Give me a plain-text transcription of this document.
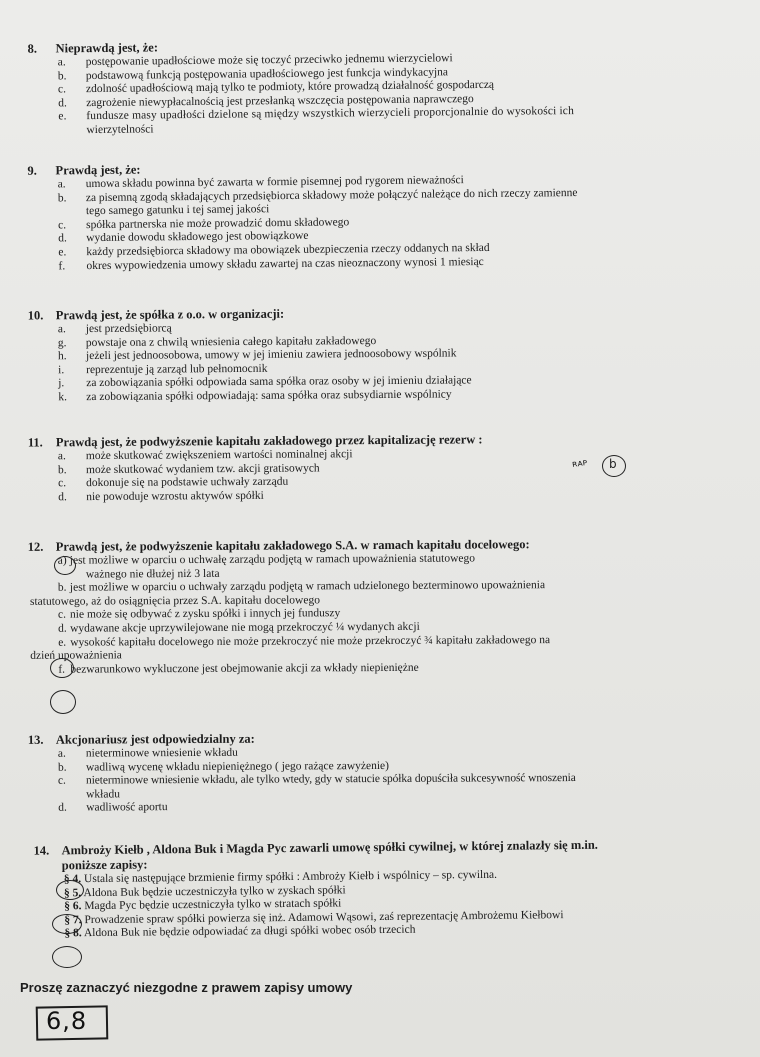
8. Nieprawdą jest, że:
a. postępowanie upadłościowe może się toczyć przeciwko jednemu wierzycielowi
b. podstawową funkcją postępowania upadłościowego jest funkcja windykacyjna
c. zdolność upadłościową mają tylko te podmioty, które prowadzą działalność gospodarczą
d. zagrożenie niewypłacalnością jest przesłanką wszczęcia postępowania naprawczego
e. fundusze masy upadłości dzielone są między wszystkich wierzycieli proporcjonalnie do wysokości ich
wierzytelności
9. Prawdą jest, że:
a. umowa składu powinna być zawarta w formie pisemnej pod rygorem nieważności
b. za pisemną zgodą składających przedsiębiorca składowy może połączyć należące do nich rzeczy zamienne
tego samego gatunku i tej samej jakości
c. spółka partnerska nie może prowadzić domu składowego
d. wydanie dowodu składowego jest obowiązkowe
e. każdy przedsiębiorca składowy ma obowiązek ubezpieczenia rzeczy oddanych na skład
f. okres wypowiedzenia umowy składu zawartej na czas nieoznaczony wynosi 1 miesiąc
10. Prawdą jest, że spółka z o.o. w organizacji:
a. jest przedsiębiorcą
g. powstaje ona z chwilą wniesienia całego kapitału zakładowego
h. jeżeli jest jednoosobowa, umowy w jej imieniu zawiera jednoosobowy wspólnik
i. reprezentuje ją zarząd lub pełnomocnik
j. za zobowiązania spółki odpowiada sama spółka oraz osoby w jej imieniu działające
k. za zobowiązania spółki odpowiadają: sama spółka oraz subsydiarnie wspólnicy
11. Prawdą jest, że podwyższenie kapitału zakładowego przez kapitalizację rezerw :
a. może skutkować zwiększeniem wartości nominalnej akcji
b. może skutkować wydaniem tzw. akcji gratisowych
c. dokonuje się na podstawie uchwały zarządu
d. nie powoduje wzrostu aktywów spółki
ʀᴀᴘ b
12. Prawdą jest, że podwyższenie kapitału zakładowego S.A. w ramach kapitału docelowego:
a) jest możliwe w oparciu o uchwałę zarządu podjętą w ramach upoważnienia statutowego
ważnego nie dłużej niż 3 lata
b. jest możliwe w oparciu o uchwały zarządu podjętą w ramach udzielonego bezterminowo upoważnienia
statutowego, aż do osiągnięcia przez S.A. kapitału docelowego
c. nie może się odbywać z zysku spółki i innych jej funduszy
d. wydawane akcje uprzywilejowane nie mogą przekroczyć ¼ wydanych akcji
e. wysokość kapitału docelowego nie może przekroczyć nie może przekroczyć ¾ kapitału zakładowego na
dzień upoważnienia
f. bezwarunkowo wykluczone jest obejmowanie akcji za wkłady niepieniężne
13. Akcjonariusz jest odpowiedzialny za:
a. nieterminowe wniesienie wkładu
b. wadliwą wycenę wkładu niepieniężnego ( jego rażące zawyżenie)
c. nieterminowe wniesienie wkładu, ale tylko wtedy, gdy w statucie spółka dopuściła sukcesywność wnoszenia
wkładu
d. wadliwość aportu
14. Ambroży Kiełb , Aldona Buk i Magda Pyc zawarli umowę spółki cywilnej, w której znalazły się m.in.
poniższe zapisy:
§ 4. Ustala się następujące brzmienie firmy spółki : Ambroży Kiełb i wspólnicy – sp. cywilna.
§ 5. Aldona Buk będzie uczestniczyła tylko w zyskach spółki
§ 6. Magda Pyc będzie uczestniczyła tylko w stratach spółki
§ 7. Prowadzenie spraw spółki powierza się inż. Adamowi Wąsowi, zaś reprezentację Ambrożemu Kiełbowi
§ 8. Aldona Buk nie będzie odpowiadać za długi spółki wobec osób trzecich
Proszę zaznaczyć niezgodne z prawem zapisy umowy
6,8
